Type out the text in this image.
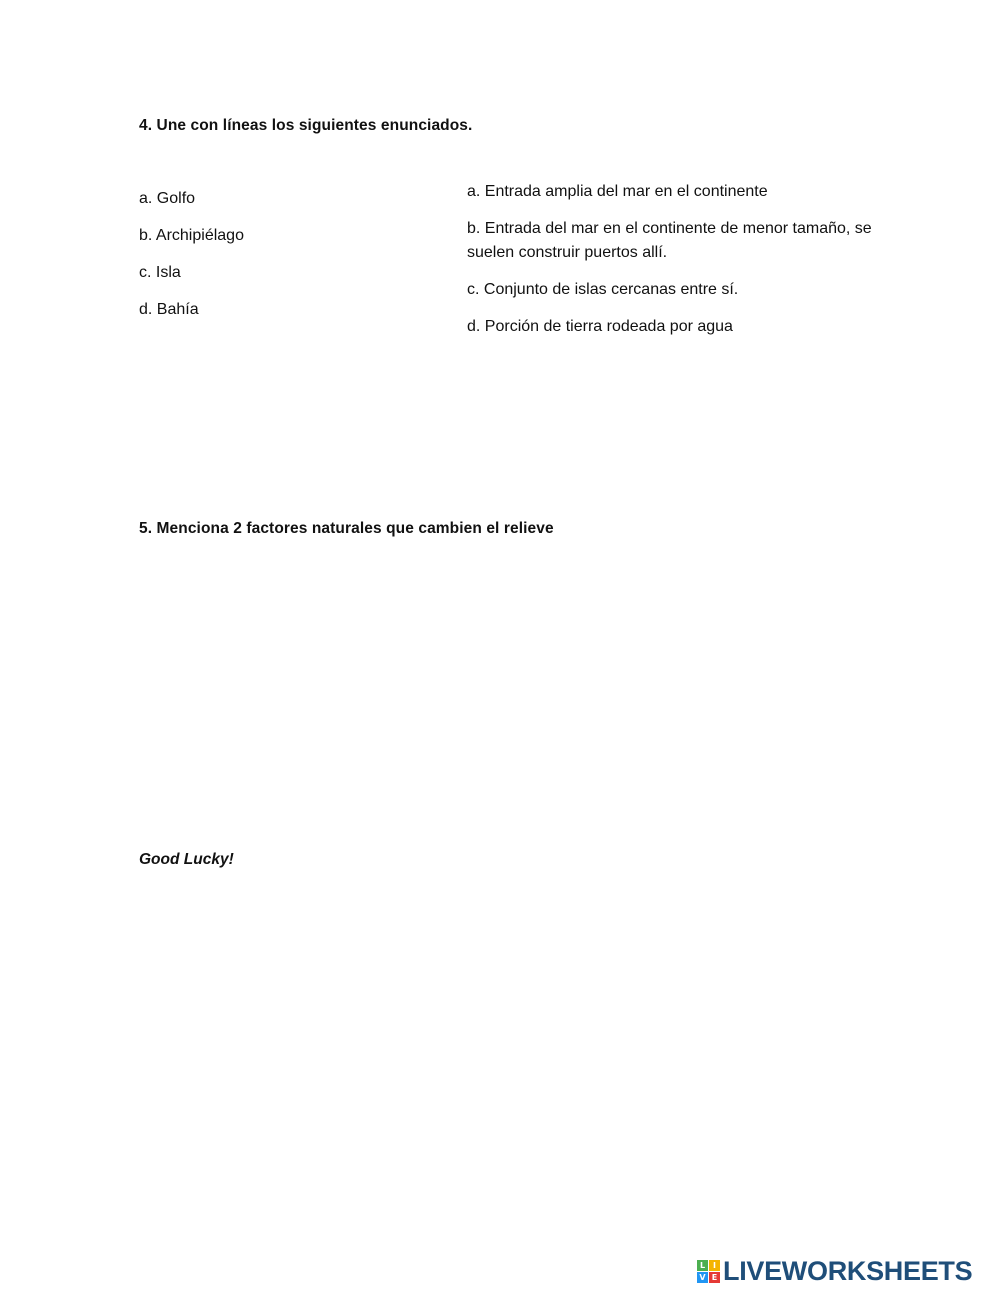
4. Une con líneas los siguientes enunciados.
a. Golfo
b. Archipiélago
c. Isla
d. Bahía
a. Entrada amplia del mar en el continente
b. Entrada del mar en el continente de menor tamaño, se suelen construir puertos allí.
c. Conjunto de islas cercanas entre sí.
d. Porción de tierra rodeada por agua
5. Menciona 2 factores naturales que cambien el relieve
Good Lucky!
L I
V E LIVEWORKSHEETS
